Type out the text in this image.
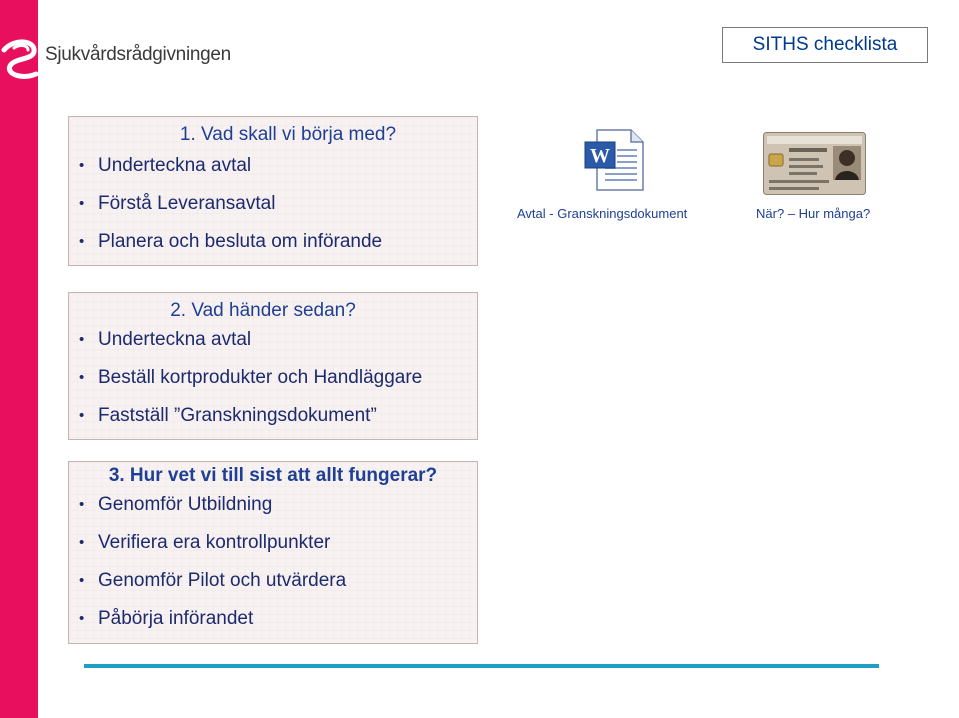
Sjukvårdsrådgivningen	SITHS checklista
1. Vad skall vi börja med?
• Underteckna avtal
• Förstå Leveransavtal
• Planera och besluta om införande
2. Vad händer sedan?
• Underteckna avtal
• Beställ kortprodukter och Handläggare
• Fastställ ”Granskningsdokument”
3. Hur vet vi till sist att allt fungerar?
• Genomför Utbildning
• Verifiera era kontrollpunkter
• Genomför Pilot och utvärdera
• Påbörja införandet
W
Avtal - Granskningsdokument	När? – Hur många?
